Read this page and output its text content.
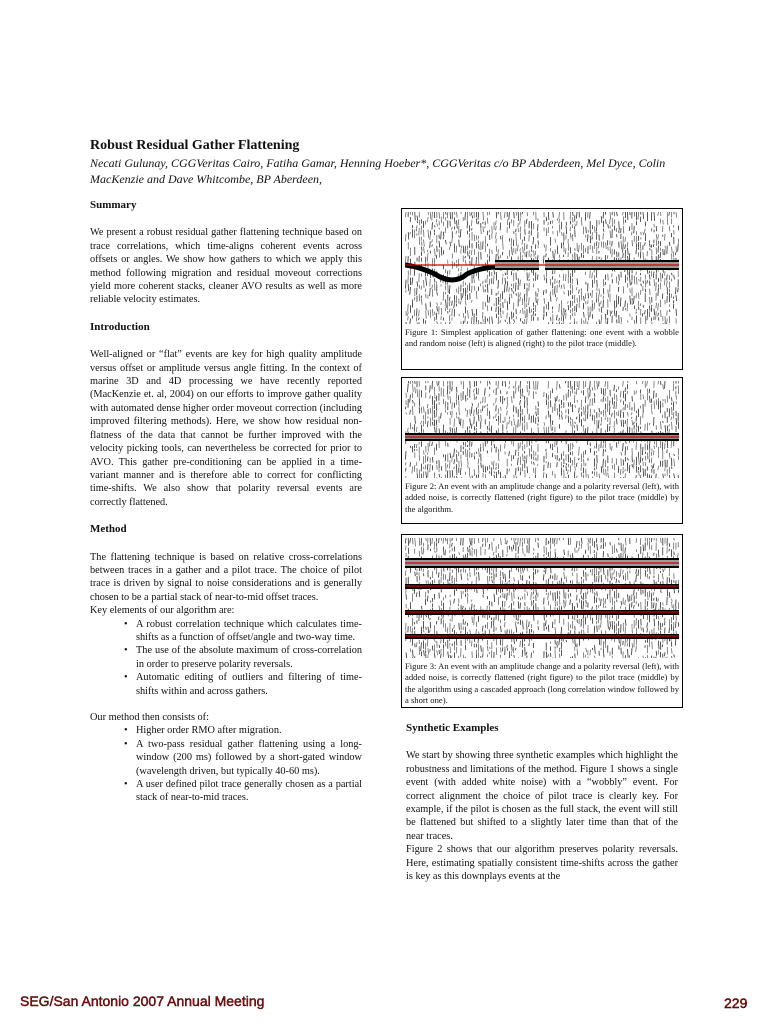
Robust Residual Gather Flattening
Necati Gulunay, CGGVeritas Cairo, Fatiha Gamar, Henning Hoeber*, CGGVeritas c/o BP Abderdeen, Mel Dyce, Colin MacKenzie and Dave Whitcombe, BP Aberdeen,
Summary

We present a robust residual gather flattening technique based on trace correlations, which time-aligns coherent events across offsets or angles. We show how gathers to which we apply this method following migration and residual moveout corrections yield more coherent stacks, cleaner AVO results as well as more reliable velocity estimates.

Introduction

Well-aligned or “flat” events are key for high quality amplitude versus offset or amplitude versus angle fitting. In the context of marine 3D and 4D processing we have recently reported (MacKenzie et. al, 2004) on our efforts to improve gather quality with automated dense higher order moveout correction (including improved filtering methods). Here, we show how residual non-flatness of the data that cannot be further improved with the velocity picking tools, can nevertheless be corrected for prior to AVO. This gather pre-conditioning can be applied in a time-variant manner and is therefore able to correct for conflicting time-shifts. We also show that polarity reversal events are correctly flattened.

Method

The flattening technique is based on relative cross-correlations between traces in a gather and a pilot trace. The choice of pilot trace is driven by signal to noise considerations and is generally chosen to be a partial stack of near-to-mid offset traces.

Key elements of our algorithm are:

• A robust correlation technique which calculates time-shifts as a function of offset/angle and two-way time.
• The use of the absolute maximum of cross-correlation in order to preserve polarity reversals.
• Automatic editing of outliers and filtering of time-shifts within and across gathers.

Our method then consists of:

• Higher order RMO after migration.
• A two-pass residual gather flattening using a long-window (200 ms) followed by a short-gated window (wavelength driven, but typically 40-60 ms).
• A user defined pilot trace generally chosen as a partial stack of near-to-mid traces.
Figure 1: Simplest application of gather flattening: one event with a wobble and random noise (left) is aligned (right) to the pilot trace (middle).
Figure 2: An event with an amplitude change and a polarity reversal (left), with added noise, is correctly flattened (right figure) to the pilot trace (middle) by the algorithm.
Figure 3: An event with an amplitude change and a polarity reversal (left), with added noise, is correctly flattened (right figure) to the pilot trace (middle) by the algorithm using a cascaded approach (long correlation window followed by a short one).
Synthetic Examples

We start by showing three synthetic examples which highlight the robustness and limitations of the method. Figure 1 shows a single event (with added white noise) with a “wobbly” event. For correct alignment the choice of pilot trace is clearly key. For example, if the pilot is chosen as the full stack, the event will still be flattened but shifted to a slightly later time than that of the near traces.

Figure 2 shows that our algorithm preserves polarity reversals. Here, estimating spatially consistent time-shifts across the gather is key as this downplays events at the

SEG/San Antonio 2007 Annual Meeting	229
